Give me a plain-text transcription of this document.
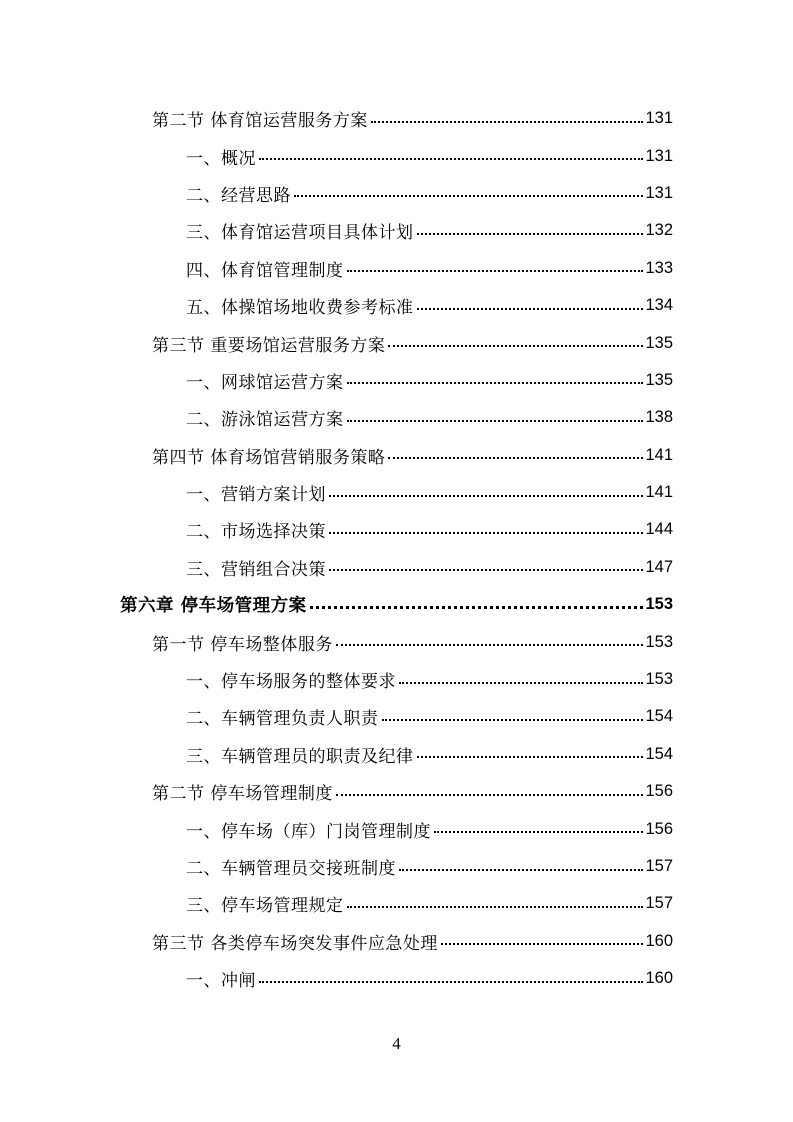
第二节 体育馆运营服务方案	131
一、概况	131
二、经营思路	131
三、体育馆运营项目具体计划	132
四、体育馆管理制度	133
五、体操馆场地收费参考标准	134
第三节 重要场馆运营服务方案	135
一、网球馆运营方案	135
二、游泳馆运营方案	138
第四节 体育场馆营销服务策略	141
一、营销方案计划	141
二、市场选择决策	144
三、营销组合决策	147
第六章 停车场管理方案	153
第一节 停车场整体服务	153
一、停车场服务的整体要求	153
二、车辆管理负责人职责	154
三、车辆管理员的职责及纪律	154
第二节 停车场管理制度	156
一、停车场（库）门岗管理制度	156
二、车辆管理员交接班制度	157
三、停车场管理规定	157
第三节 各类停车场突发事件应急处理	160
一、冲闸	160
4
